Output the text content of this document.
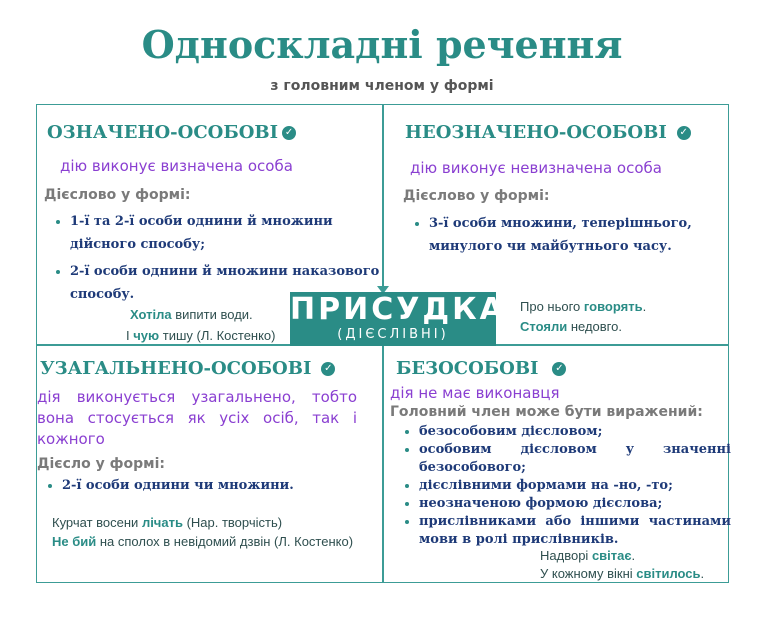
Односкладні речення
з головним членом у формі
ОЗНАЧЕНО-ОСОБОВІ ✓
дію виконує визначена особа
Дієслово у формі:
• 1-ї та 2-ї особи однини й множини дійсного способу;
• 2-ї особи однини й множини наказового способу.
Хотіла випити води.
І чую тишу (Л. Костенко)
НЕОЗНАЧЕНО-ОСОБОВІ ✓
дію виконує невизначена особа
Дієслово у формі:
• 3-ї особи множини, теперішнього, минулого чи майбутнього часу.
Про нього говорять.
Стояли недовго.
ПРИСУДКА
(ДІЄСЛІВНІ)
УЗАГАЛЬНЕНО-ОСОБОВІ ✓
дія виконується узагальнено, тобто вона стосується як усіх осіб, так і кожного
Дієсло у формі:
• 2-ї особи однини чи множини.
Курчат восени лічать (Нар. творчість)
Не бий на сполох в невідомий дзвін (Л. Костенко)
БЕЗОСОБОВІ ✓
дія не має виконавця
Головний член може бути виражений:
• безособовим дієсловом;
• особовим дієсловом у значенні безособового;
• дієслівними формами на -но, -то;
• неозначеною формою дієслова;
• прислівниками або іншими частинами мови в ролі прислівників.
Надворі світає.
У кожному вікні світилось.
